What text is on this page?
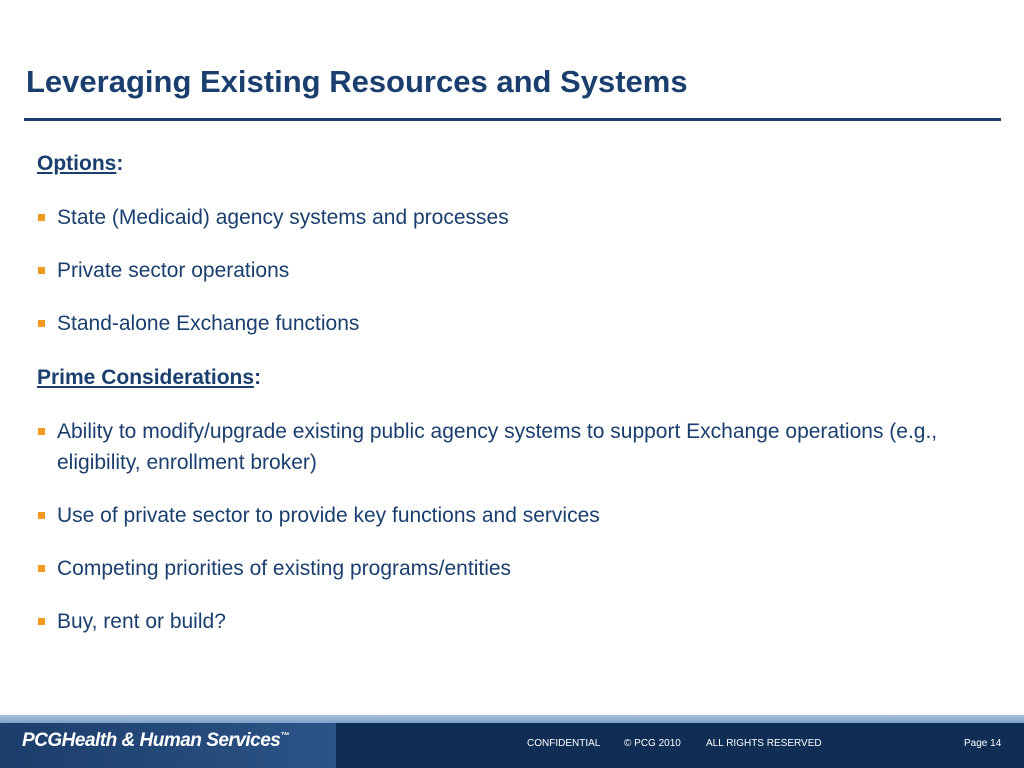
Leveraging Existing Resources and Systems

Options:

State (Medicaid) agency systems and processes
Private sector operations
Stand-alone Exchange functions

Prime Considerations:

Ability to modify/upgrade existing public agency systems to support Exchange operations (e.g., eligibility, enrollment broker)
Use of private sector to provide key functions and services
Competing priorities of existing programs/entities
Buy, rent or build?
PCGHealth & Human Services™
CONFIDENTIAL © PCG 2010	ALL RIGHTS RESERVED	Page 14
